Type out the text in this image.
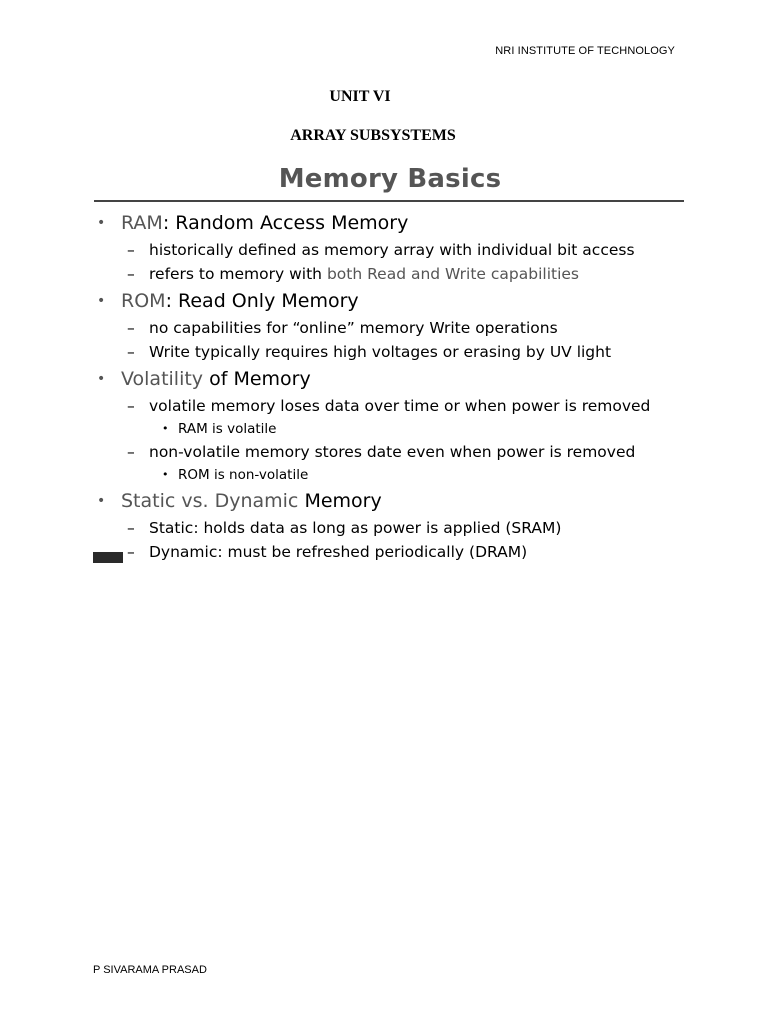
NRI INSTITUTE OF TECHNOLOGY
UNIT VI
ARRAY SUBSYSTEMS
Memory Basics
• RAM: Random Access Memory
– historically defined as memory array with individual bit access
– refers to memory with both Read and Write capabilities
• ROM: Read Only Memory
– no capabilities for “online” memory Write operations
– Write typically requires high voltages or erasing by UV light
• Volatility of Memory
– volatile memory loses data over time or when power is removed
• RAM is volatile
– non-volatile memory stores date even when power is removed
• ROM is non-volatile
• Static vs. Dynamic Memory
– Static: holds data as long as power is applied (SRAM)
– Dynamic: must be refreshed periodically (DRAM)
P SIVARAMA PRASAD
